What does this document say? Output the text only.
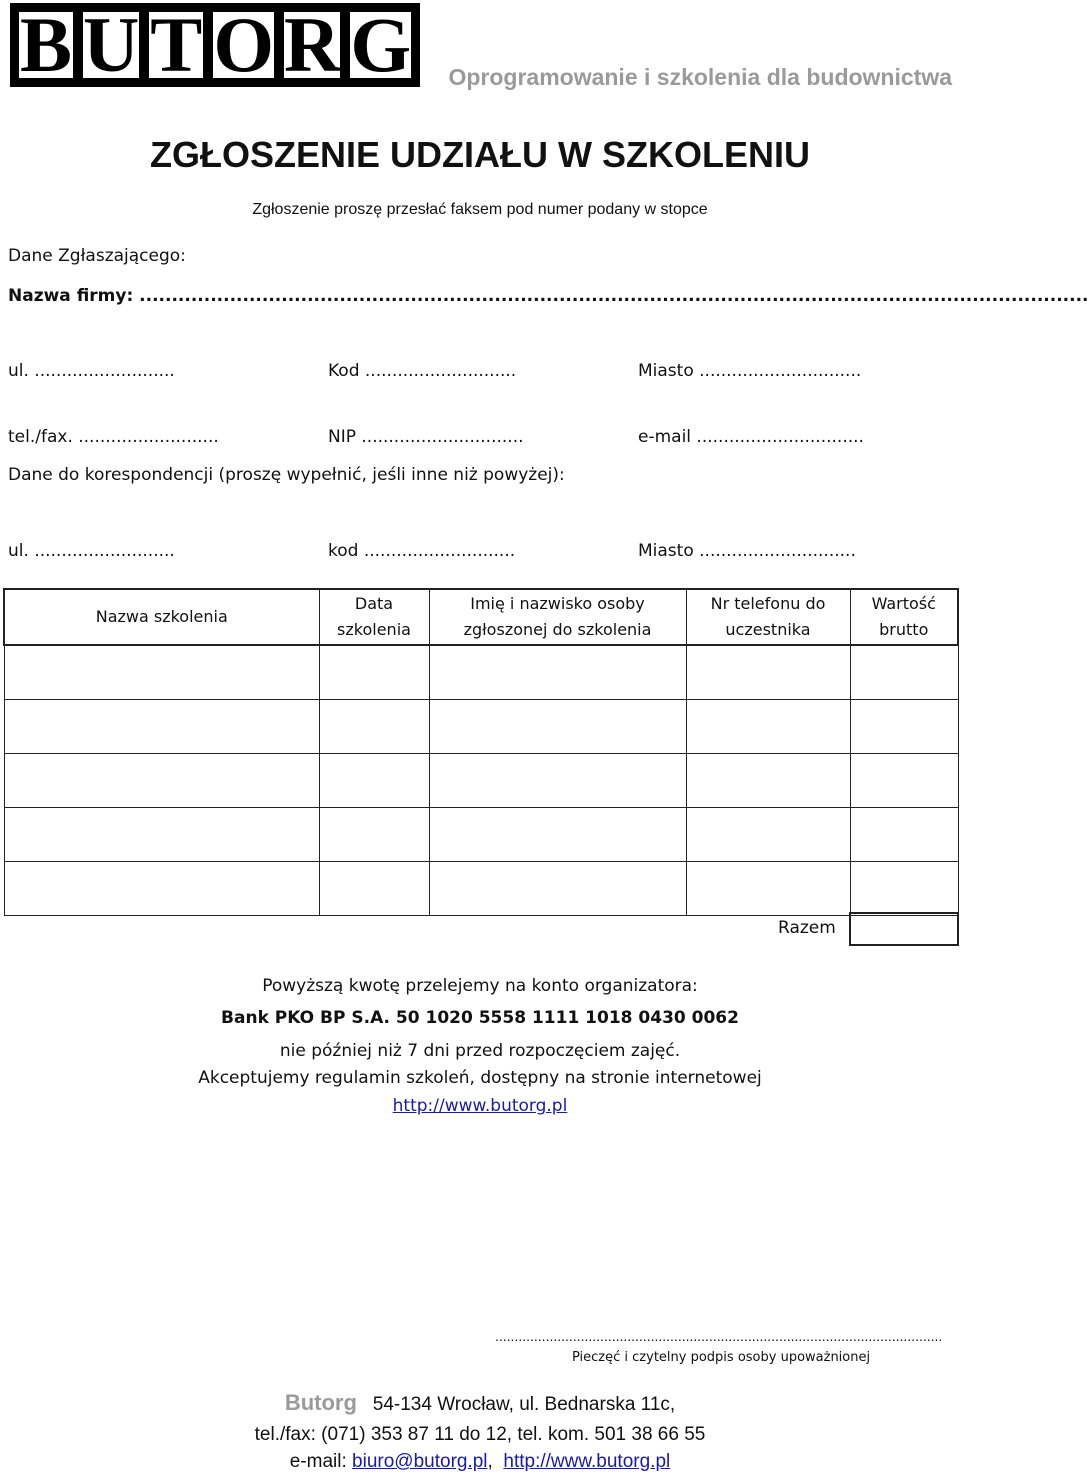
B U T O R G Oprogramowanie i szkolenia dla budownictwa
ZGŁOSZENIE UDZIAŁU W SZKOLENIU
Zgłoszenie proszę przesłać faksem pod numer podany w stopce
Dane Zgłaszającego:
Nazwa firmy: ...................................................................................................................................................
ul. ..........................	Kod ............................	Miasto ..............................
tel./fax. ..........................	NIP ..............................	e-mail ...............................
Dane do korespondencji (proszę wypełnić, jeśli inne niż powyżej):
ul. ..........................	kod ............................	Miasto .............................
Nazwa szkolenia	Data szkolenia	Imię i nazwisko osoby zgłoszonej do szkolenia	Nr telefonu do uczestnika	Wartość brutto

Razem
Powyższą kwotę przelejemy na konto organizatora:
Bank PKO BP S.A. 50 1020 5558 1111 1018 0430 0062
nie później niż 7 dni przed rozpoczęciem zajęć.
Akceptujemy regulamin szkoleń, dostępny na stronie internetowej
http://www.butorg.pl
...................................................................................................................
Pieczęć i czytelny podpis osoby upoważnionej
Butorg 54-134 Wrocław, ul. Bednarska 11c,
tel./fax: (071) 353 87 11 do 12, tel. kom. 501 38 66 55
e-mail: biuro@butorg.pl, http://www.butorg.pl
